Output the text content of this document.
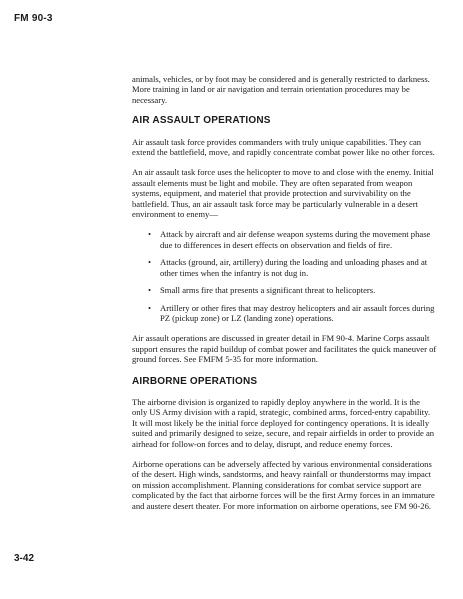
FM 90-3

animals, vehicles, or by foot may be considered and is generally restricted to darkness. More training in land or air navigation and terrain orientation procedures may be necessary.

AIR ASSAULT OPERATIONS

Air assault task force provides commanders with truly unique capabilities. They can extend the battlefield, move, and rapidly concentrate combat power like no other forces.

An air assault task force uses the helicopter to move to and close with the enemy. Initial assault elements must be light and mobile. They are often separated from weapon systems, equipment, and materiel that provide protection and survivability on the battlefield. Thus, an air assault task force may be particularly vulnerable in a desert environment to enemy—

• Attack by aircraft and air defense weapon systems during the movement phase due to differences in desert effects on observation and fields of fire.
• Attacks (ground, air, artillery) during the loading and unloading phases and at other times when the infantry is not dug in.
• Small arms fire that presents a significant threat to helicopters.
• Artillery or other fires that may destroy helicopters and air assault forces during PZ (pickup zone) or LZ (landing zone) operations.

Air assault operations are discussed in greater detail in FM 90-4. Marine Corps assault support ensures the rapid buildup of combat power and facilitates the quick maneuver of ground forces. See FMFM 5-35 for more information.

AIRBORNE OPERATIONS

The airborne division is organized to rapidly deploy anywhere in the world. It is the only US Army division with a rapid, strategic, combined arms, forced-entry capability. It will most likely be the initial force deployed for contingency operations. It is ideally suited and primarily designed to seize, secure, and repair airfields in order to provide an airhead for follow-on forces and to delay, disrupt, and reduce enemy forces.

Airborne operations can be adversely affected by various environmental considerations of the desert. High winds, sandstorms, and heavy rainfall or thunderstorms may impact on mission accomplishment. Planning considerations for combat service support are complicated by the fact that airborne forces will be the first Army forces in an immature and austere desert theater. For more information on airborne operations, see FM 90-26.

3-42
